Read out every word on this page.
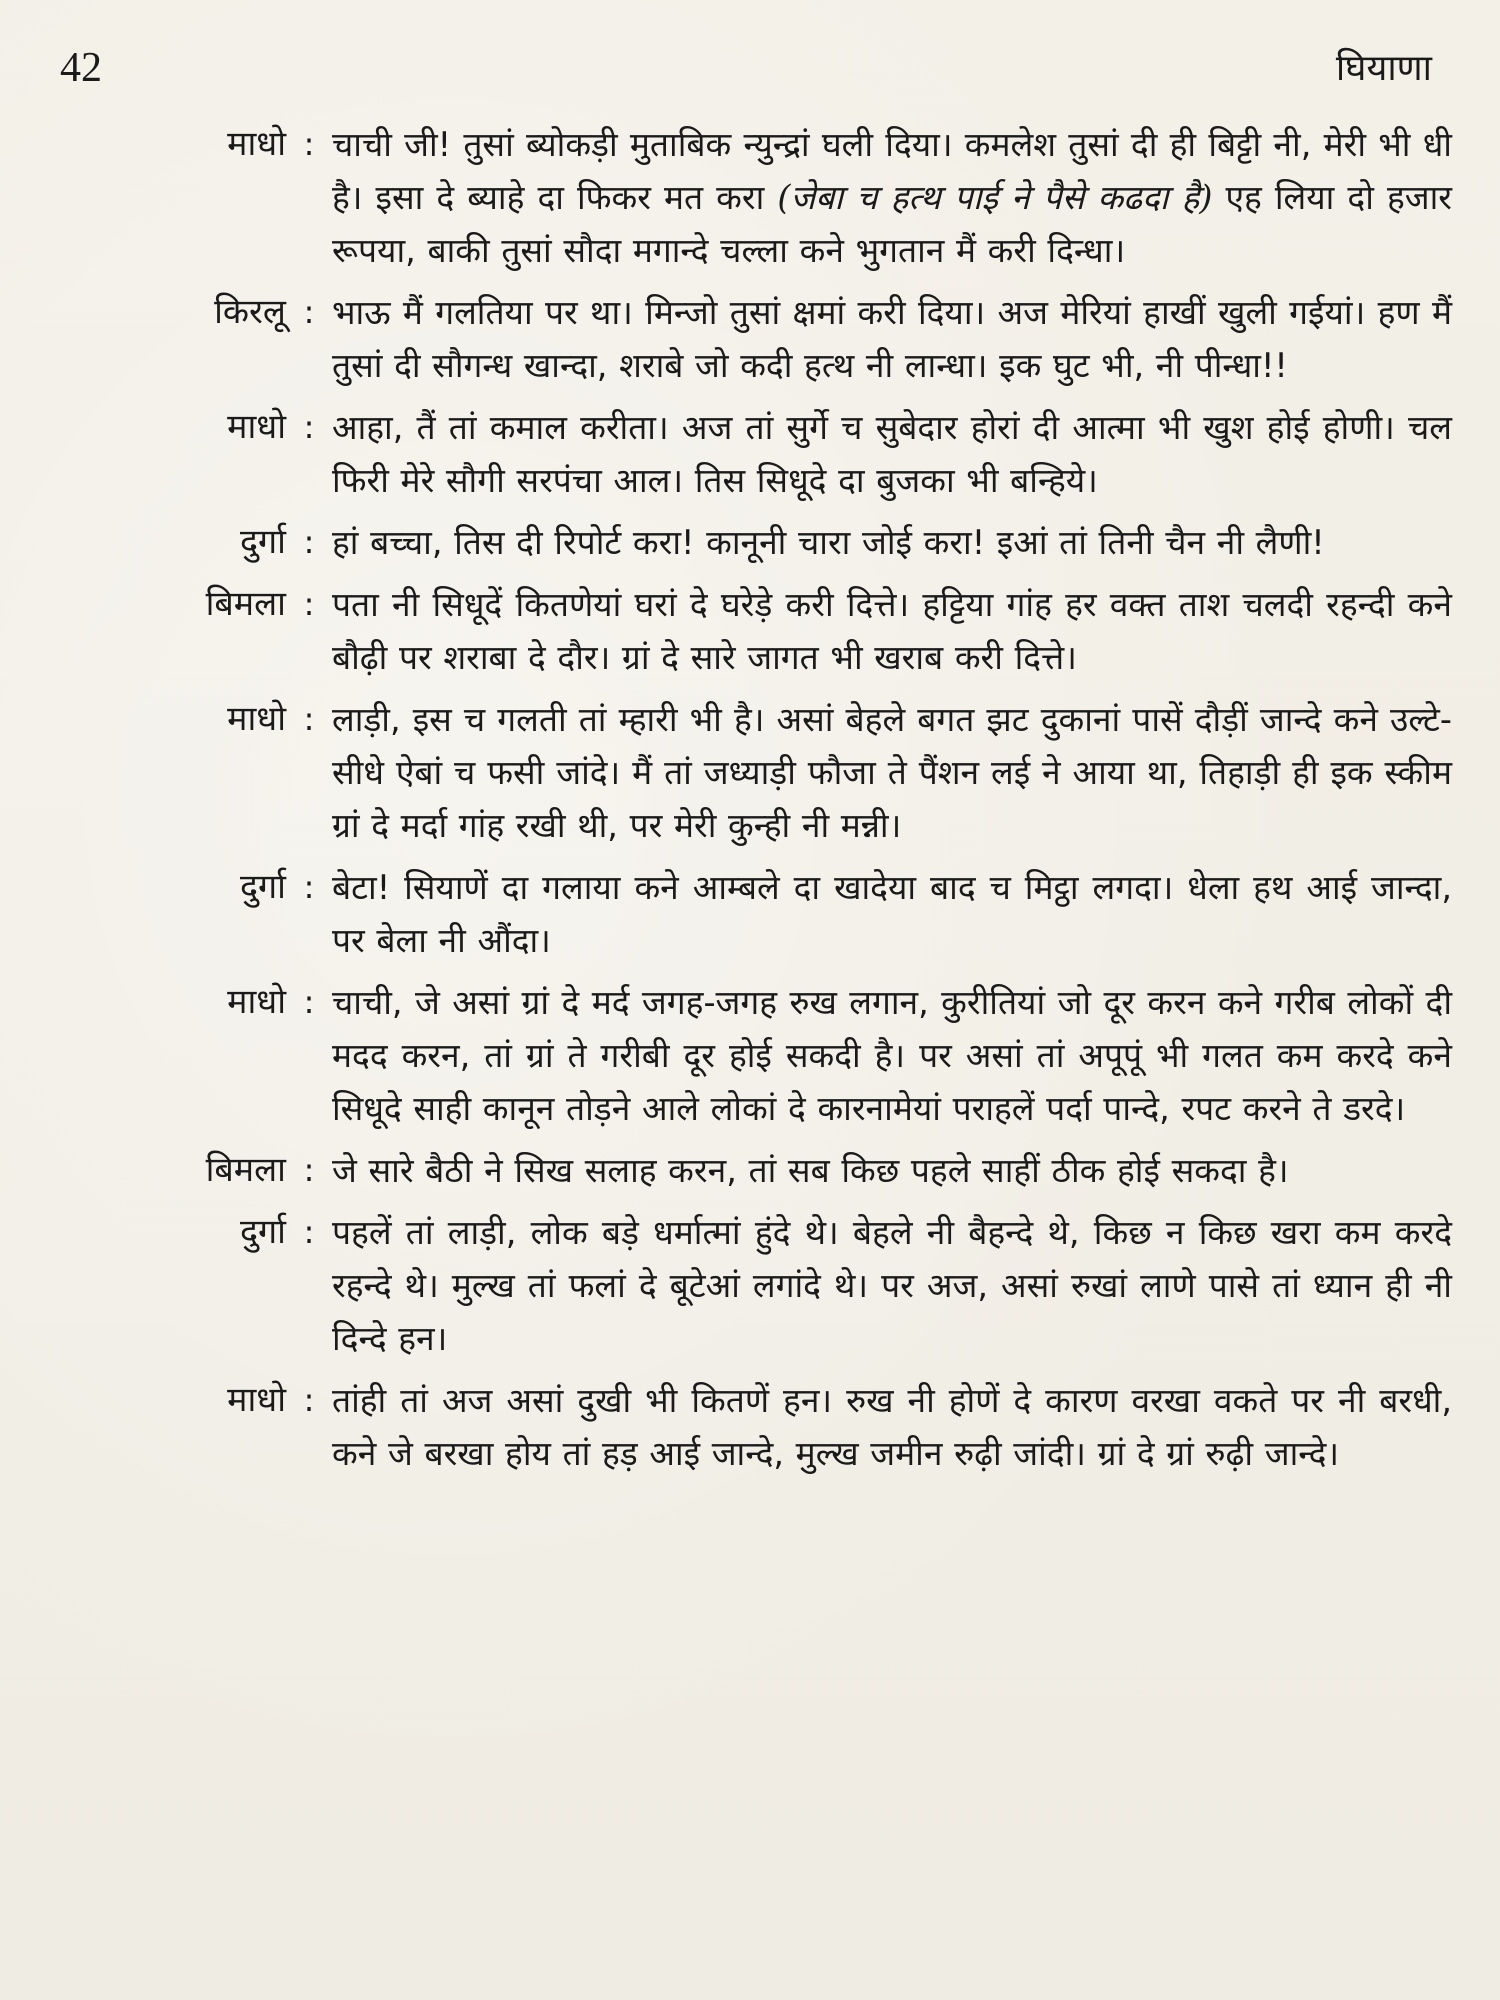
42	घियाणा
माधो : चाची जी! तुसां ब्योकड़ी मुताबिक न्युन्द्रां घली दिया। कमलेश तुसां दी ही बिट्टी नी, मेरी भी धी है। इसा दे ब्याहे दा फिकर मत करा (जेबा च हत्थ पाई ने पैसे कढदा है) एह लिया दो हजार रूपया, बाकी तुसां सौदा मगान्दे चल्ला कने भुगतान मैं करी दिन्धा।
किरलू : भाऊ मैं गलतिया पर था। मिन्जो तुसां क्षमां करी दिया। अज मेरियां हाखीं खुली गईयां। हण मैं तुसां दी सौगन्ध खान्दा, शराबे जो कदी हत्थ नी लान्धा। इक घुट भी, नी पीन्धा!!
माधो : आहा, तैं तां कमाल करीता। अज तां सुर्गे च सुबेदार होरां दी आत्मा भी खुश होई होणी। चल फिरी मेरे सौगी सरपंचा आल। तिस सिधूदे दा बुजका भी बन्हिये।
दुर्गा : हां बच्चा, तिस दी रिपोर्ट करा! कानूनी चारा जोई करा! इआं तां तिनी चैन नी लैणी!
बिमला : पता नी सिधूदें कितणेयां घरां दे घरेड़े करी दित्ते। हट्टिया गांह हर वक्त ताश चलदी रहन्दी कने बौढ़ी पर शराबा दे दौर। ग्रां दे सारे जागत भी खराब करी दित्ते।
माधो : लाड़ी, इस च गलती तां म्हारी भी है। असां बेहले बगत झट दुकानां पासें दौड़ीं जान्दे कने उल्टे-सीधे ऐबां च फसी जांदे। मैं तां जध्याड़ी फौजा ते पैंशन लई ने आया था, तिहाड़ी ही इक स्कीम ग्रां दे मर्दा गांह रखी थी, पर मेरी कुन्ही नी मन्नी।
दुर्गा : बेटा! सियाणें दा गलाया कने आम्बले दा खादेया बाद च मिट्ठा लगदा। धेला हथ आई जान्दा, पर बेला नी औंदा।
माधो : चाची, जे असां ग्रां दे मर्द जगह-जगह रुख लगान, कुरीतियां जो दूर करन कने गरीब लोकों दी मदद करन, तां ग्रां ते गरीबी दूर होई सकदी है। पर असां तां अपूपूं भी गलत कम करदे कने सिधूदे साही कानून तोड़ने आले लोकां दे कारनामेयां पराहलें पर्दा पान्दे, रपट करने ते डरदे।
बिमला : जे सारे बैठी ने सिख सलाह करन, तां सब किछ पहले साहीं ठीक होई सकदा है।
दुर्गा : पहलें तां लाड़ी, लोक बड़े धर्मात्मां हुंदे थे। बेहले नी बैहन्दे थे, किछ न किछ खरा कम करदे रहन्दे थे। मुल्ख तां फलां दे बूटेआं लगांदे थे। पर अज, असां रुखां लाणे पासे तां ध्यान ही नी दिन्दे हन।
माधो : तांही तां अज असां दुखी भी कितणें हन। रुख नी होणें दे कारण वरखा वकते पर नी बरधी, कने जे बरखा होय तां हड़ आई जान्दे, मुल्ख जमीन रुढ़ी जांदी। ग्रां दे ग्रां रुढ़ी जान्दे।
